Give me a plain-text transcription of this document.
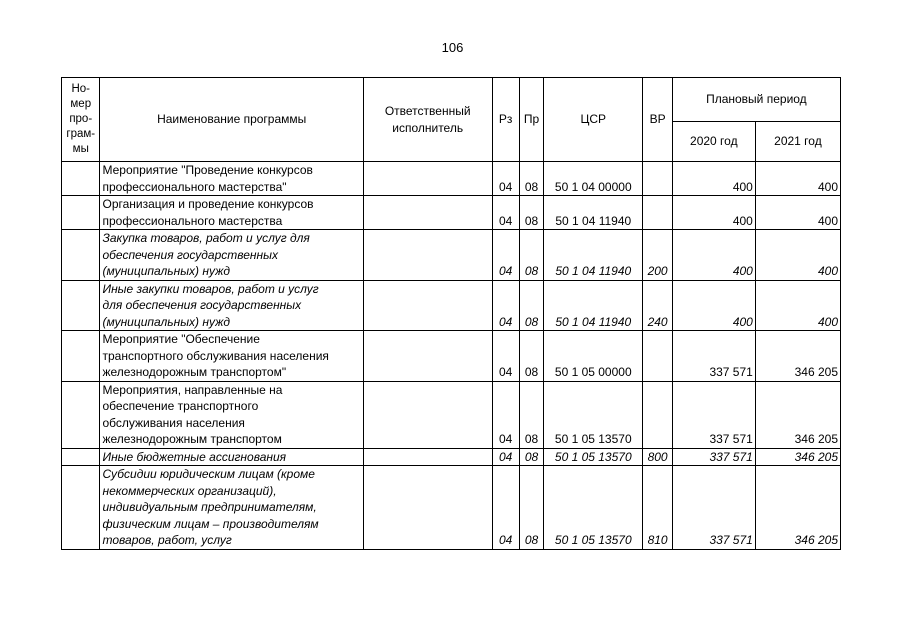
106
Но-
мер
про-
грам-
мы	Наименование программы	Ответственный
исполнитель	Рз	Пр	ЦСР	ВР	Плановый период	
							2020 год	2021 год

	Мероприятие "Проведение конкурсов
профессионального мастерства"		04	08	50 1 04 00000		400	400

	Организация и проведение конкурсов
профессионального мастерства		04	08	50 1 04 11940		400	400

	Закупка товаров, работ и услуг для
обеспечения государственных
(муниципальных) нужд		04	08	50 1 04 11940	200	400	400

	Иные закупки товаров, работ и услуг
для обеспечения государственных
(муниципальных) нужд		04	08	50 1 04 11940	240	400	400

	Мероприятие "Обеспечение
транспортного обслуживания населения
железнодорожным транспортом"		04	08	50 1 05 00000		337 571	346 205

	Мероприятия, направленные на
обеспечение транспортного
обслуживания населения
железнодорожным транспортом		04	08	50 1 05 13570		337 571	346 205

	Иные бюджетные ассигнования		04	08	50 1 05 13570	800	337 571	346 205

	Субсидии юридическим лицам (кроме
некоммерческих организаций),
индивидуальным предпринимателям,
физическим лицам – производителям
товаров, работ, услуг		04	08	50 1 05 13570	810	337 571	346 205
